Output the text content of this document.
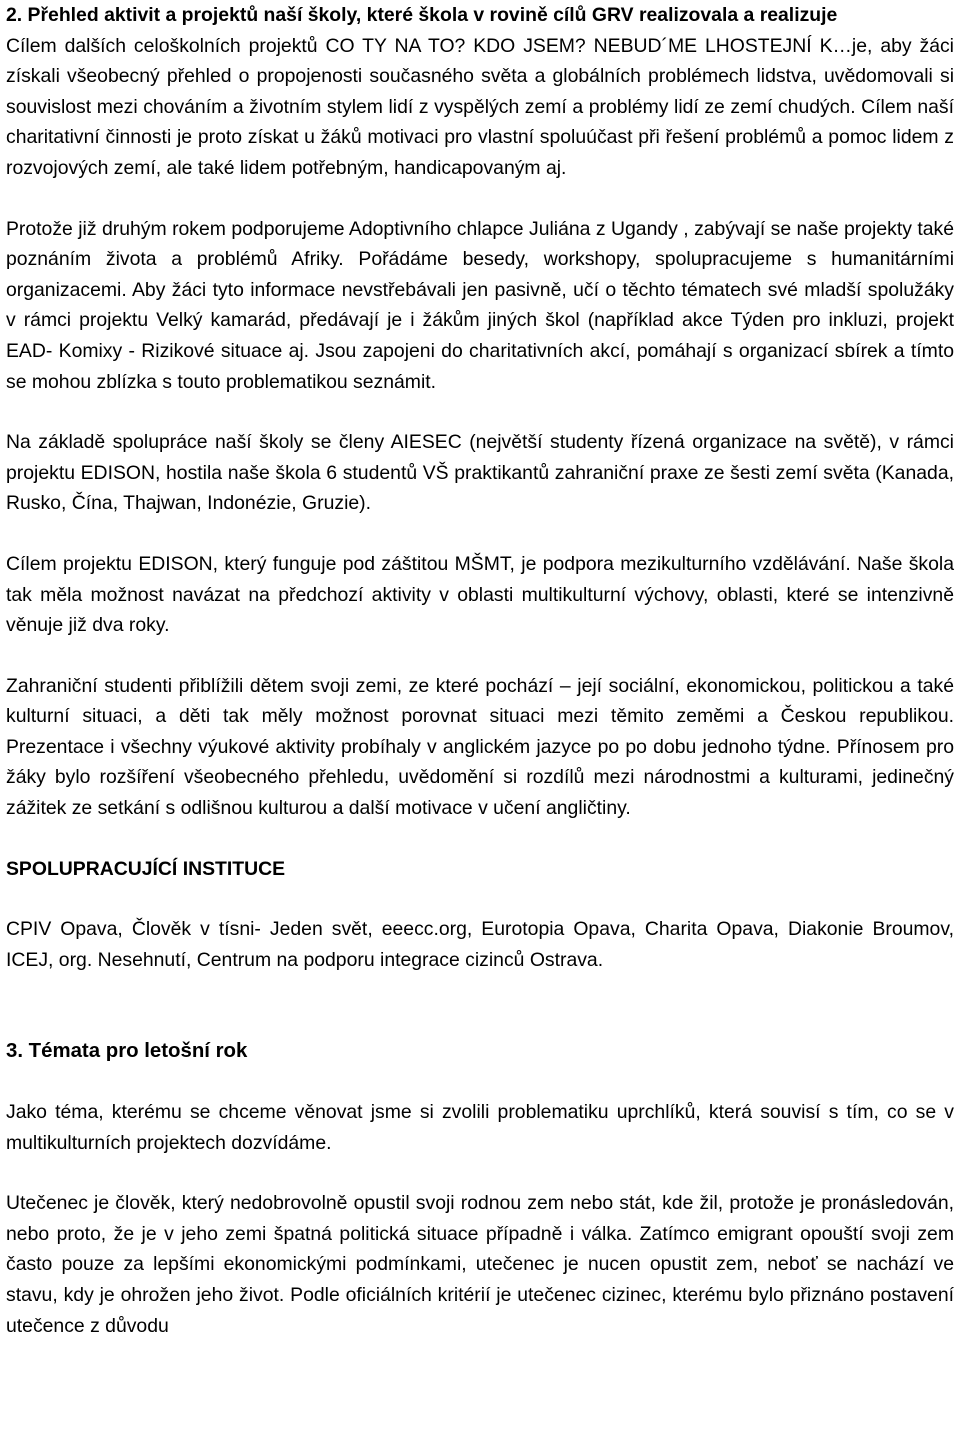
2. Přehled aktivit a projektů naší školy, které škola v rovině cílů GRV realizovala a realizuje

Cílem dalších celoškolních projektů CO TY NA TO? KDO JSEM? NEBUD´ME LHOSTEJNÍ K…je, aby žáci získali všeobecný přehled o propojenosti současného světa a globálních problémech lidstva, uvědomovali si souvislost mezi chováním a životním stylem lidí z vyspělých zemí a problémy lidí ze zemí chudých. Cílem naší charitativní činnosti je proto získat u žáků motivaci pro vlastní spoluúčast při řešení problémů a pomoc lidem z rozvojových zemí, ale také lidem potřebným, handicapovaným aj.

Protože již druhým rokem podporujeme Adoptivního chlapce Juliána z Ugandy , zabývají se naše projekty také poznáním života a problémů Afriky. Pořádáme besedy, workshopy, spolupracujeme s humanitárními organizacemi. Aby žáci tyto informace nevstřebávali jen pasivně, učí o těchto tématech své mladší spolužáky v rámci projektu Velký kamarád, předávají je i žákům jiných škol (například akce Týden pro inkluzi, projekt EAD- Komixy - Rizikové situace aj. Jsou zapojeni do charitativních akcí, pomáhají s organizací sbírek a tímto se mohou zblízka s touto problematikou seznámit.

Na základě spolupráce naší školy se členy AIESEC (největší studenty řízená organizace na světě), v rámci projektu EDISON, hostila naše škola 6 studentů VŠ praktikantů zahraniční praxe ze šesti zemí světa (Kanada, Rusko, Čína, Thajwan, Indonézie, Gruzie).

Cílem projektu EDISON, který funguje pod záštitou MŠMT, je podpora mezikulturního vzdělávání. Naše škola tak měla možnost navázat na předchozí aktivity v oblasti multikulturní výchovy, oblasti, které se intenzivně věnuje již dva roky.

Zahraniční studenti přiblížili dětem svoji zemi, ze které pochází – její sociální, ekonomickou, politickou a také kulturní situaci, a děti tak měly možnost porovnat situaci mezi těmito zeměmi a Českou republikou. Prezentace i všechny výukové aktivity probíhaly v anglickém jazyce po po dobu jednoho týdne. Přínosem pro žáky bylo rozšíření všeobecného přehledu, uvědomění si rozdílů mezi národnostmi a kulturami, jedinečný zážitek ze setkání s odlišnou kulturou a další motivace v učení angličtiny.

SPOLUPRACUJÍCÍ INSTITUCE

CPIV Opava, Člověk v tísni- Jeden svět, eeecc.org, Eurotopia Opava, Charita Opava, Diakonie Broumov, ICEJ, org. Nesehnutí, Centrum na podporu integrace cizinců Ostrava.

3. Témata pro letošní rok

Jako téma, kterému se chceme věnovat jsme si zvolili problematiku uprchlíků, která souvisí s tím, co se v multikulturních projektech dozvídáme.

Utečenec je člověk, který nedobrovolně opustil svoji rodnou zem nebo stát, kde žil, protože je pronásledován, nebo proto, že je v jeho zemi špatná politická situace případně i válka. Zatímco emigrant opouští svoji zem často pouze za lepšími ekonomickými podmínkami, utečenec je nucen opustit zem, neboť se nachází ve stavu, kdy je ohrožen jeho život. Podle oficiálních kritérií je utečenec cizinec, kterému bylo přiznáno postavení utečence z důvodu
